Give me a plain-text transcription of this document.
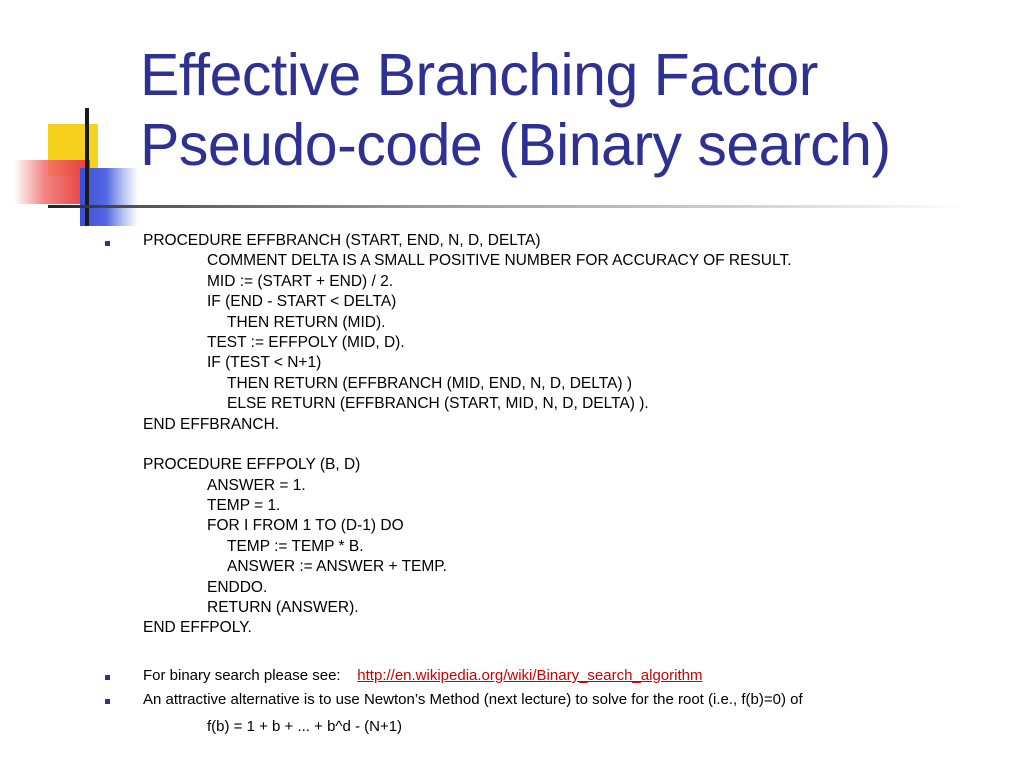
Effective Branching Factor
Pseudo-code (Binary search)
PROCEDURE EFFBRANCH (START, END, N, D, DELTA)
COMMENT DELTA IS A SMALL POSITIVE NUMBER FOR ACCURACY OF RESULT.
MID := (START + END) / 2.
IF (END - START < DELTA)
THEN RETURN (MID).
TEST := EFFPOLY (MID, D).
IF (TEST < N+1)
THEN RETURN (EFFBRANCH (MID, END, N, D, DELTA) )
ELSE RETURN (EFFBRANCH (START, MID, N, D, DELTA) ).
END EFFBRANCH.
PROCEDURE EFFPOLY (B, D)
ANSWER = 1.
TEMP = 1.
FOR I FROM 1 TO (D-1) DO
TEMP := TEMP * B.
ANSWER := ANSWER + TEMP.
ENDDO.
RETURN (ANSWER).
END EFFPOLY.
For binary search please see: http://en.wikipedia.org/wiki/Binary_search_algorithm
An attractive alternative is to use Newton’s Method (next lecture) to solve for the root (i.e., f(b)=0) of
f(b) = 1 + b + ... + b^d - (N+1)
